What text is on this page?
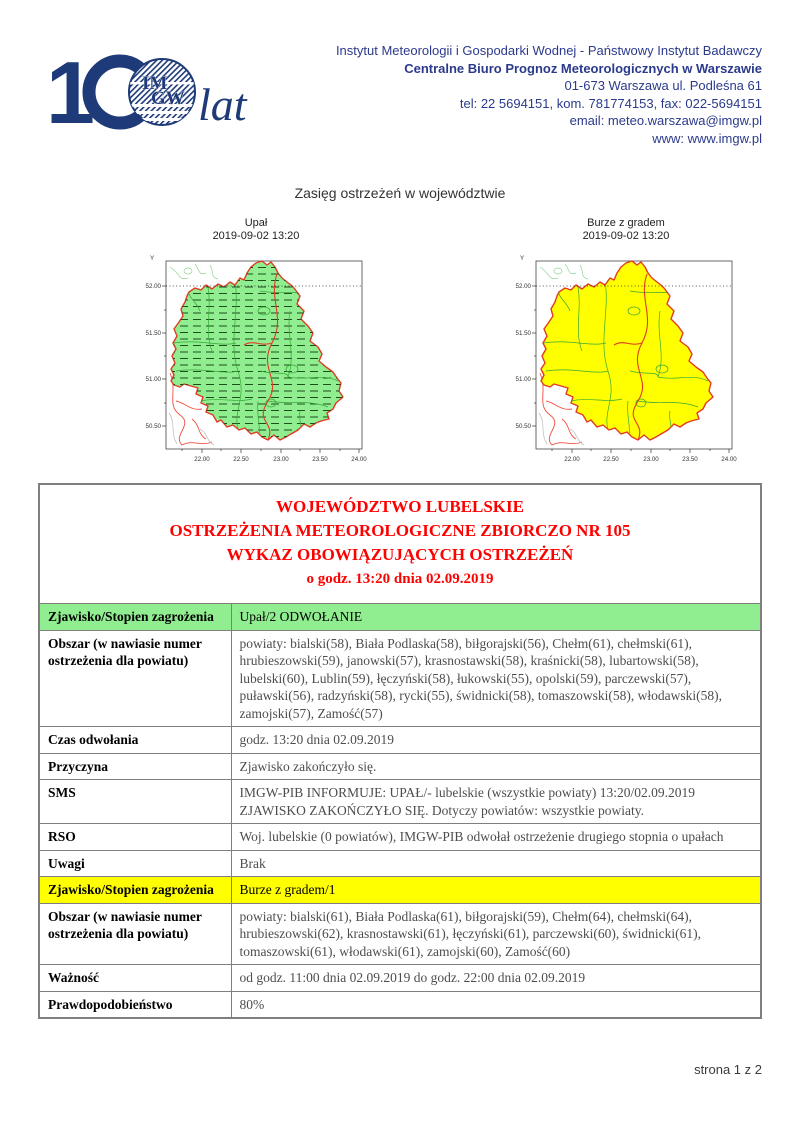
1 IM
GW lat
Instytut Meteorologii i Gospodarki Wodnej - Państwowy Instytut Badawczy
Centralne Biuro Prognoz Meteorologicznych w Warszawie
01-673 Warszawa ul. Podleśna 61
tel: 22 5694151, kom. 781774153, fax: 022-5694151
email: meteo.warszawa@imgw.pl
www: www.imgw.pl
Zasięg ostrzeżeń w województwie
Upał
2019-09-02 13:20
Y
52.00
51.50
51.00
50.50
22.00	22.50	23.00	23.50	24.00
Burze z gradem
2019-09-02 13:20
Y
52.00
51.50
51.00
50.50
22.00	22.50	23.00	23.50	24.00
WOJEWÓDZTWO LUBELSKIE
OSTRZEŻENIA METEOROLOGICZNE ZBIORCZO NR 105
WYKAZ OBOWIĄZUJĄCYCH OSTRZEŻEŃ
o godz. 13:20 dnia 02.09.2019	

Zjawisko/Stopien zagrożenia	Upał/2 ODWOŁANIE
Obszar (w nawiasie numer ostrzeżenia dla powiatu)	powiaty: bialski(58), Biała Podlaska(58), biłgorajski(56), Chełm(61), chełmski(61), hrubieszowski(59), janowski(57), krasnostawski(58), kraśnicki(58), lubartowski(58), lubelski(60), Lublin(59), łęczyński(58), łukowski(55), opolski(59), parczewski(57), puławski(56), radzyński(58), rycki(55), świdnicki(58), tomaszowski(58), włodawski(58), zamojski(57), Zamość(57)
Czas odwołania	godz. 13:20 dnia 02.09.2019
Przyczyna	Zjawisko zakończyło się.
SMS	IMGW-PIB INFORMUJE: UPAŁ/- lubelskie (wszystkie powiaty) 13:20/02.09.2019 ZJAWISKO ZAKOŃCZYŁO SIĘ. Dotyczy powiatów: wszystkie powiaty.
RSO	Woj. lubelskie (0 powiatów), IMGW-PIB odwołał ostrzeżenie drugiego stopnia o upałach
Uwagi	Brak
Zjawisko/Stopien zagrożenia	Burze z gradem/1
Obszar (w nawiasie numer ostrzeżenia dla powiatu)	powiaty: bialski(61), Biała Podlaska(61), biłgorajski(59), Chełm(64), chełmski(64), hrubieszowski(62), krasnostawski(61), łęczyński(61), parczewski(60), świdnicki(61), tomaszowski(61), włodawski(61), zamojski(60), Zamość(60)
Ważność	od godz. 11:00 dnia 02.09.2019 do godz. 22:00 dnia 02.09.2019
Prawdopodobieństwo	80%
strona 1 z 2
